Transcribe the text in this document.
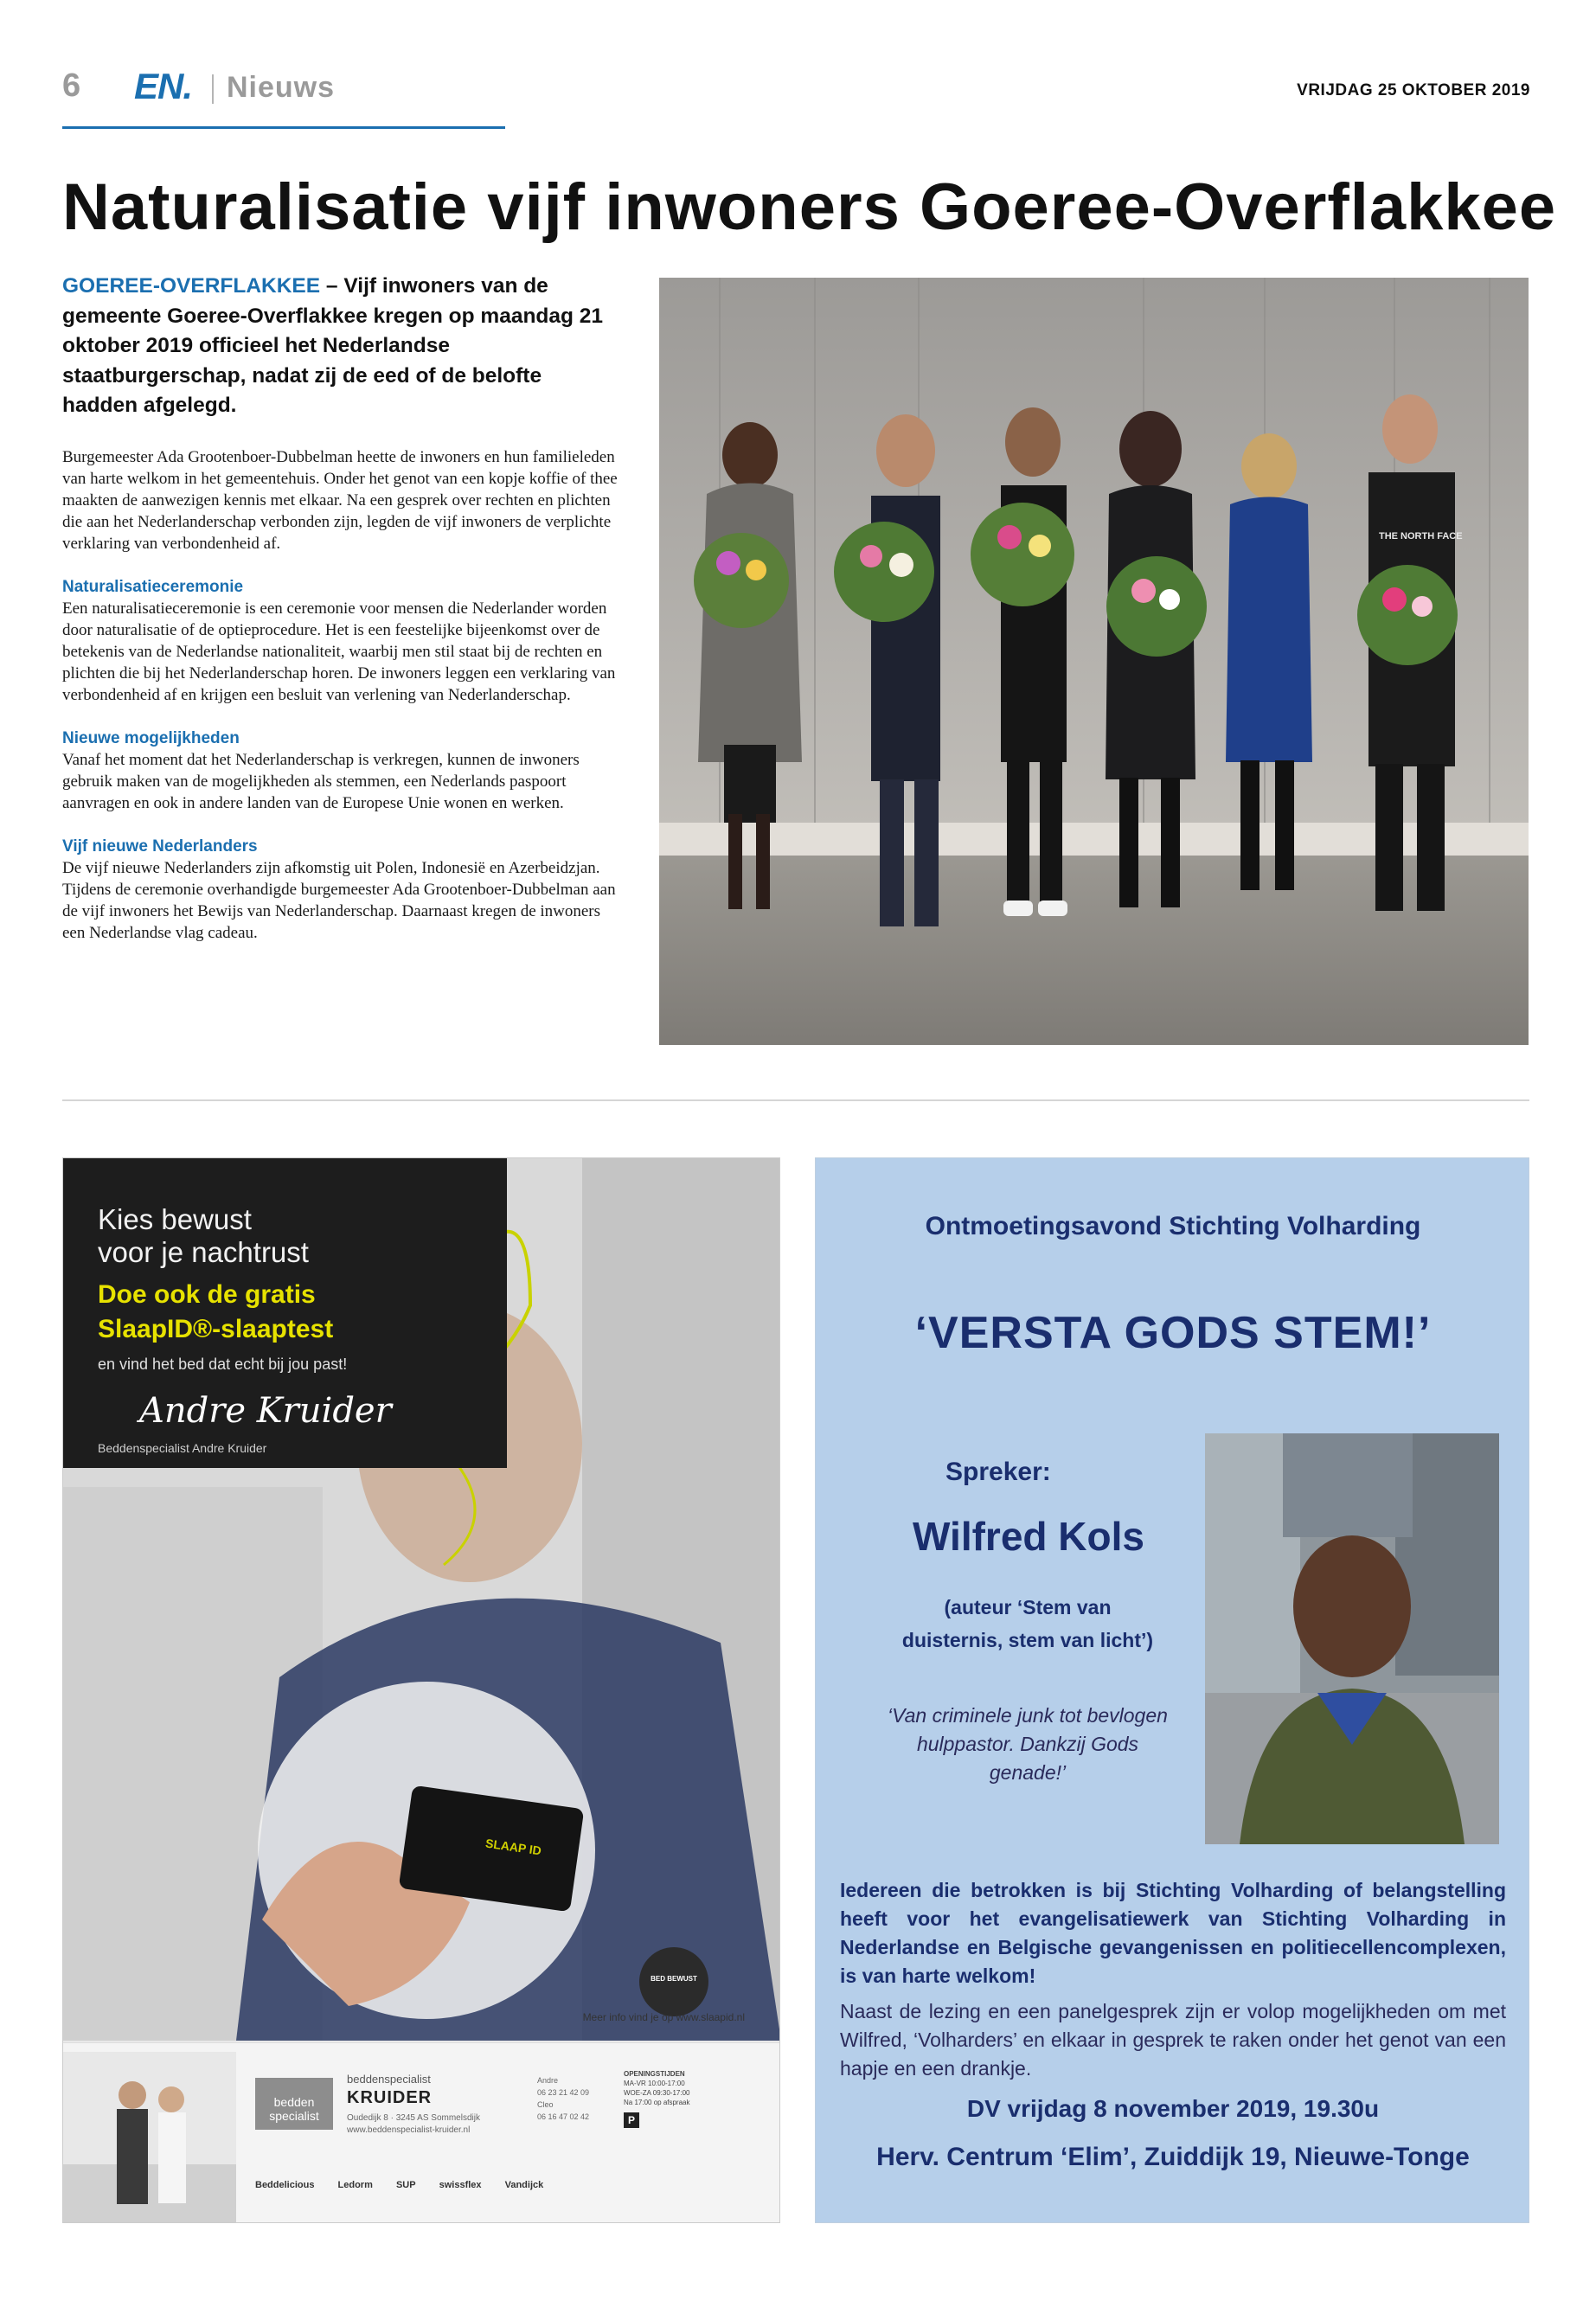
6 EN. Nieuws	VRIJDAG 25 OKTOBER 2019
Naturalisatie vijf inwoners Goeree-Overflakkee
GOEREE-OVERFLAKKEE – Vijf inwoners van de gemeente Goeree-Overflakkee kregen op maandag 21 oktober 2019 officieel het Nederlandse staatburgerschap, nadat zij de eed of de belofte hadden afgelegd.

Burgemeester Ada Grootenboer-Dubbelman heette de inwoners en hun familieleden van harte welkom in het gemeentehuis. Onder het genot van een kopje koffie of thee maakten de aanwezigen kennis met elkaar. Na een gesprek over rechten en plichten die aan het Nederlanderschap verbonden zijn, legden de vijf inwoners de verplichte verklaring van verbondenheid af.

Naturalisatieceremonie
Een naturalisatieceremonie is een ceremonie voor mensen die Nederlander worden door naturalisatie of de optieprocedure. Het is een feestelijke bijeenkomst over de betekenis van de Nederlandse nationaliteit, waarbij men stil staat bij de rechten en plichten die bij het Nederlanderschap horen. De inwoners leggen een verklaring van verbondenheid af en krijgen een besluit van verlening van Nederlanderschap.

Nieuwe mogelijkheden
Vanaf het moment dat het Nederlanderschap is verkregen, kunnen de inwoners gebruik maken van de mogelijkheden als stemmen, een Nederlands paspoort aanvragen en ook in andere landen van de Europese Unie wonen en werken.

Vijf nieuwe Nederlanders
De vijf nieuwe Nederlanders zijn afkomstig uit Polen, Indonesië en Azerbeidzjan. Tijdens de ceremonie overhandigde burgemeester Ada Grootenboer-Dubbelman aan de vijf inwoners het Bewijs van Nederlanderschap. Daarnaast kregen de inwoners een Nederlandse vlag cadeau.

THE NORTH FACE
Kies bewust
voor je nachtrust
Doe ook de gratis
SlaapID®-slaaptest
en vind het bed dat echt bij jou past!
Andre Kruider
Beddenspecialist Andre Kruider
SLAAP ID
BED BEWUST
Meer info vind je op www.slaapid.nl
bedden specialist
beddenspecialist
KRUIDER
Oudedijk 8 · 3245 AS Sommelsdijk
www.beddenspecialist-kruider.nl
Andre
06 23 21 42 09
Cleo
06 16 47 02 42
OPENINGSTIJDEN
MA-VR 10:00-17:00
WOE-ZA 09:30-17:00
Na 17:00 op afspraak
P
Beddelicious Ledorm SUP swissflex Vandijck
Ontmoetingsavond Stichting Volharding
‘VERSTA GODS STEM!’
Spreker:
Wilfred Kols
(auteur ‘Stem van
duisternis, stem van licht’)
‘Van criminele junk tot bevlogen
hulppastor. Dankzij Gods
genade!’
Iedereen die betrokken is bij Stichting Volharding of belangstelling heeft voor het evangelisatiewerk van Stichting Volharding in Nederlandse en Belgische gevangenissen en politiecellencomplexen, is van harte welkom!
Naast de lezing en een panelgesprek zijn er volop mogelijkheden om met Wilfred, ‘Volharders’ en elkaar in gesprek te raken onder het genot van een hapje en een drankje.
DV vrijdag 8 november 2019, 19.30u
Herv. Centrum ‘Elim’, Zuiddijk 19, Nieuwe-Tonge
